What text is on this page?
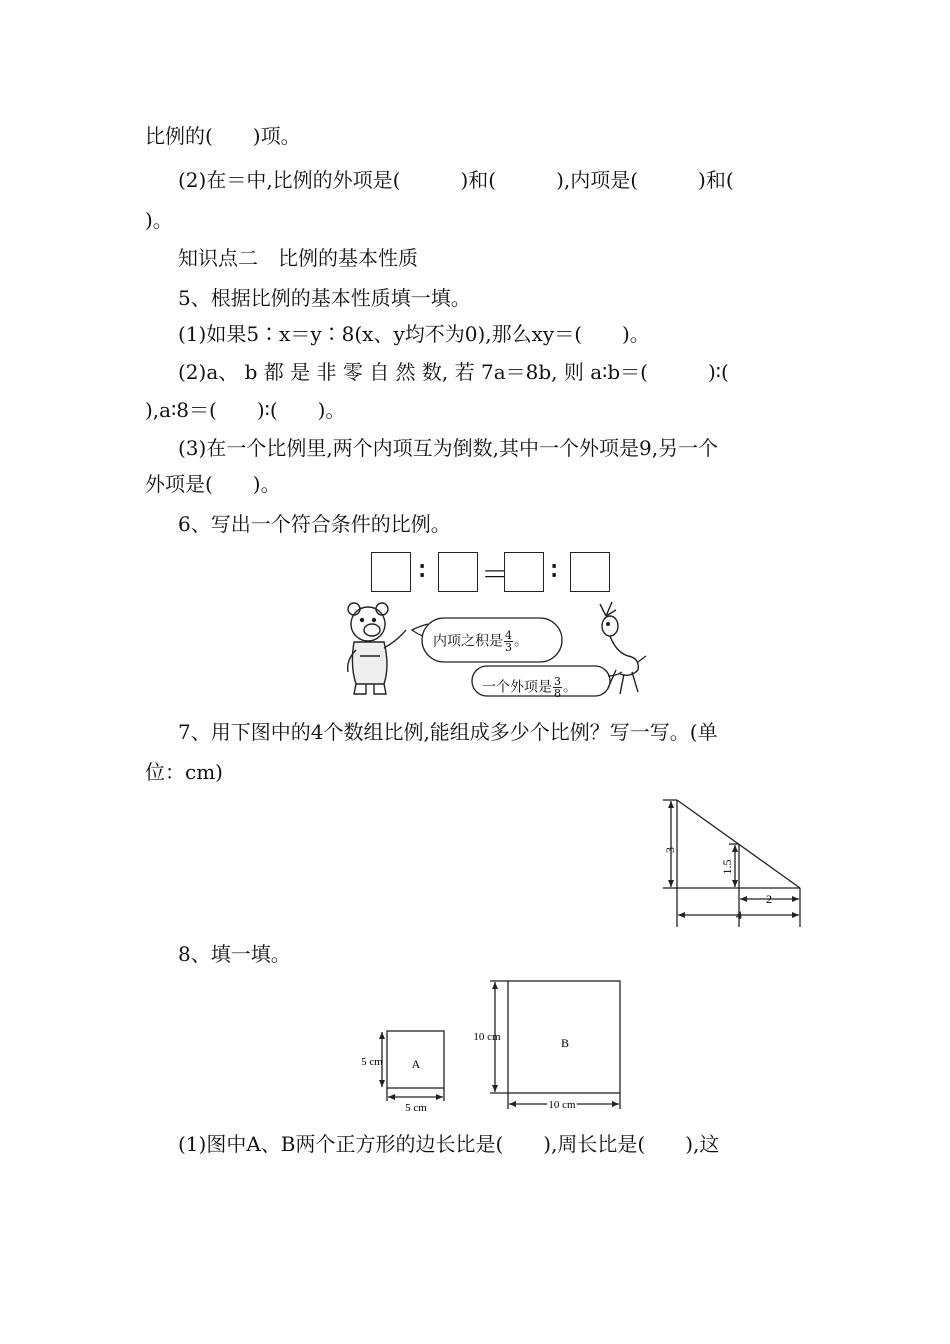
比例的(　　)项。
(2)在＝中,比例的外项是(　　　)和(　　　),内项是(　　　)和(
)。
知识点二　比例的基本性质
5、根据比例的基本性质填一填。
(1)如果5∶x＝y∶8(x、y均不为0),那么xy＝(　　)。
(2)a、 b 都 是 非 零 自 然 数, 若 7a＝8b, 则 a∶b＝(　　　)∶(
),a∶8＝(　　)∶(　　)。
(3)在一个比例里,两个内项互为倒数,其中一个外项是9,另一个
外项是(　　)。
6、写出一个符合条件的比例。
∶ ＝ ∶
内项之积是 $\frac{4}{3}$ 。
一个外项是 $\frac{3}{8}$ 。
7、用下图中的4个数组比例,能组成多少个比例？写一写。(单
位：cm)
3
1.5
2
4
8、填一填。
A
B
5 cm
5 cm
10 cm
10 cm
(1)图中A、B两个正方形的边长比是(　　),周长比是(　　),这
